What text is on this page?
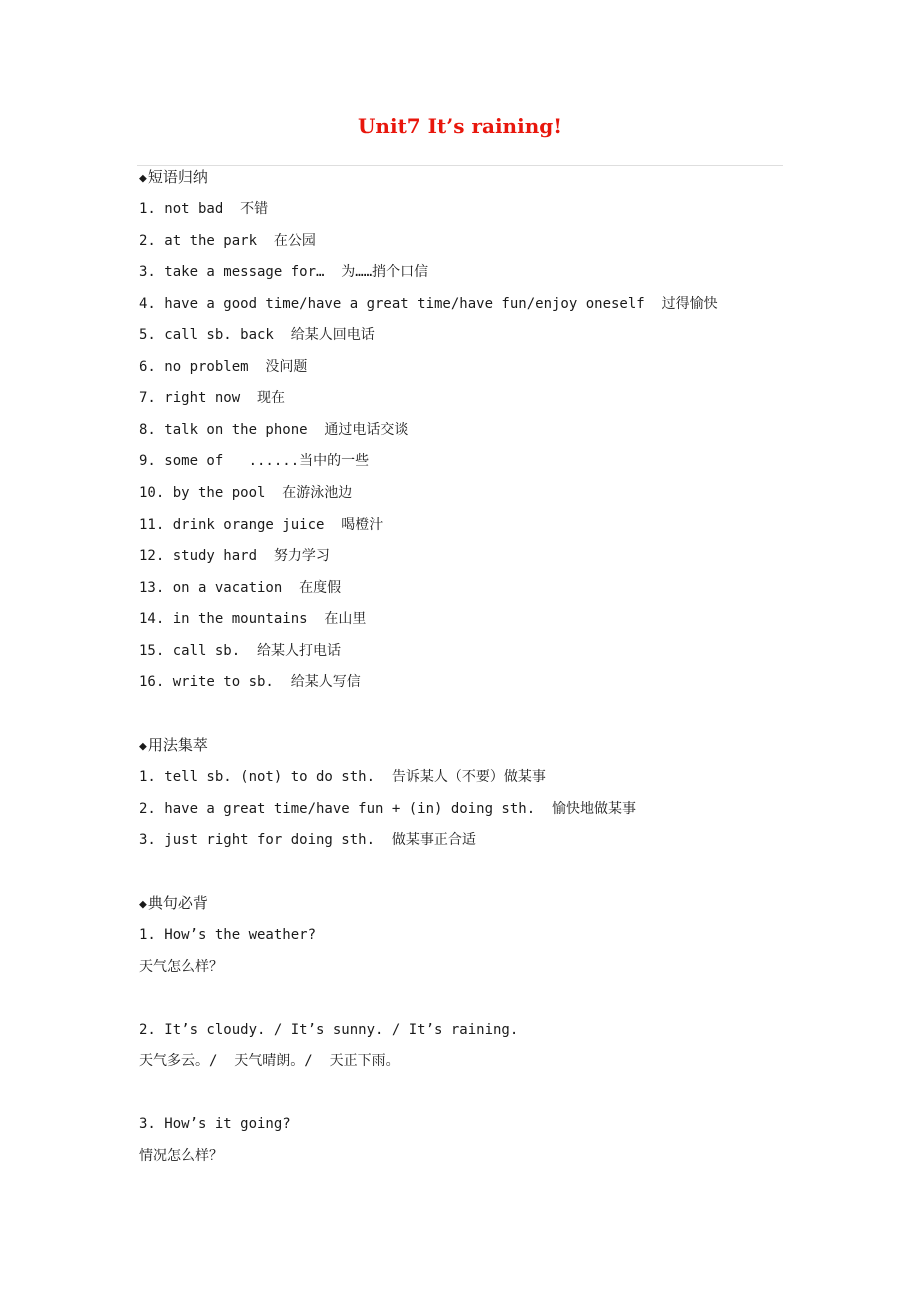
Unit7 It’s raining!
◆短语归纳
1. not bad  不错
2. at the park  在公园
3. take a message for…  为……捎个口信
4. have a good time/have a great time/have fun/enjoy oneself  过得愉快
5. call sb. back  给某人回电话
6. no problem  没问题
7. right now  现在
8. talk on the phone  通过电话交谈
9. some of   ......当中的一些
10. by the pool  在游泳池边
11. drink orange juice  喝橙汁
12. study hard  努力学习
13. on a vacation  在度假
14. in the mountains  在山里
15. call sb.  给某人打电话
16. write to sb.  给某人写信
◆用法集萃
1. tell sb. (not) to do sth.  告诉某人（不要）做某事
2. have a great time/have fun + (in) doing sth.  愉快地做某事
3. just right for doing sth.  做某事正合适
◆典句必背
1. How’s the weather?
天气怎么样？
2. It’s cloudy. / It’s sunny. / It’s raining.
天气多云。/  天气晴朗。/  天正下雨。
3. How’s it going?
情况怎么样？
